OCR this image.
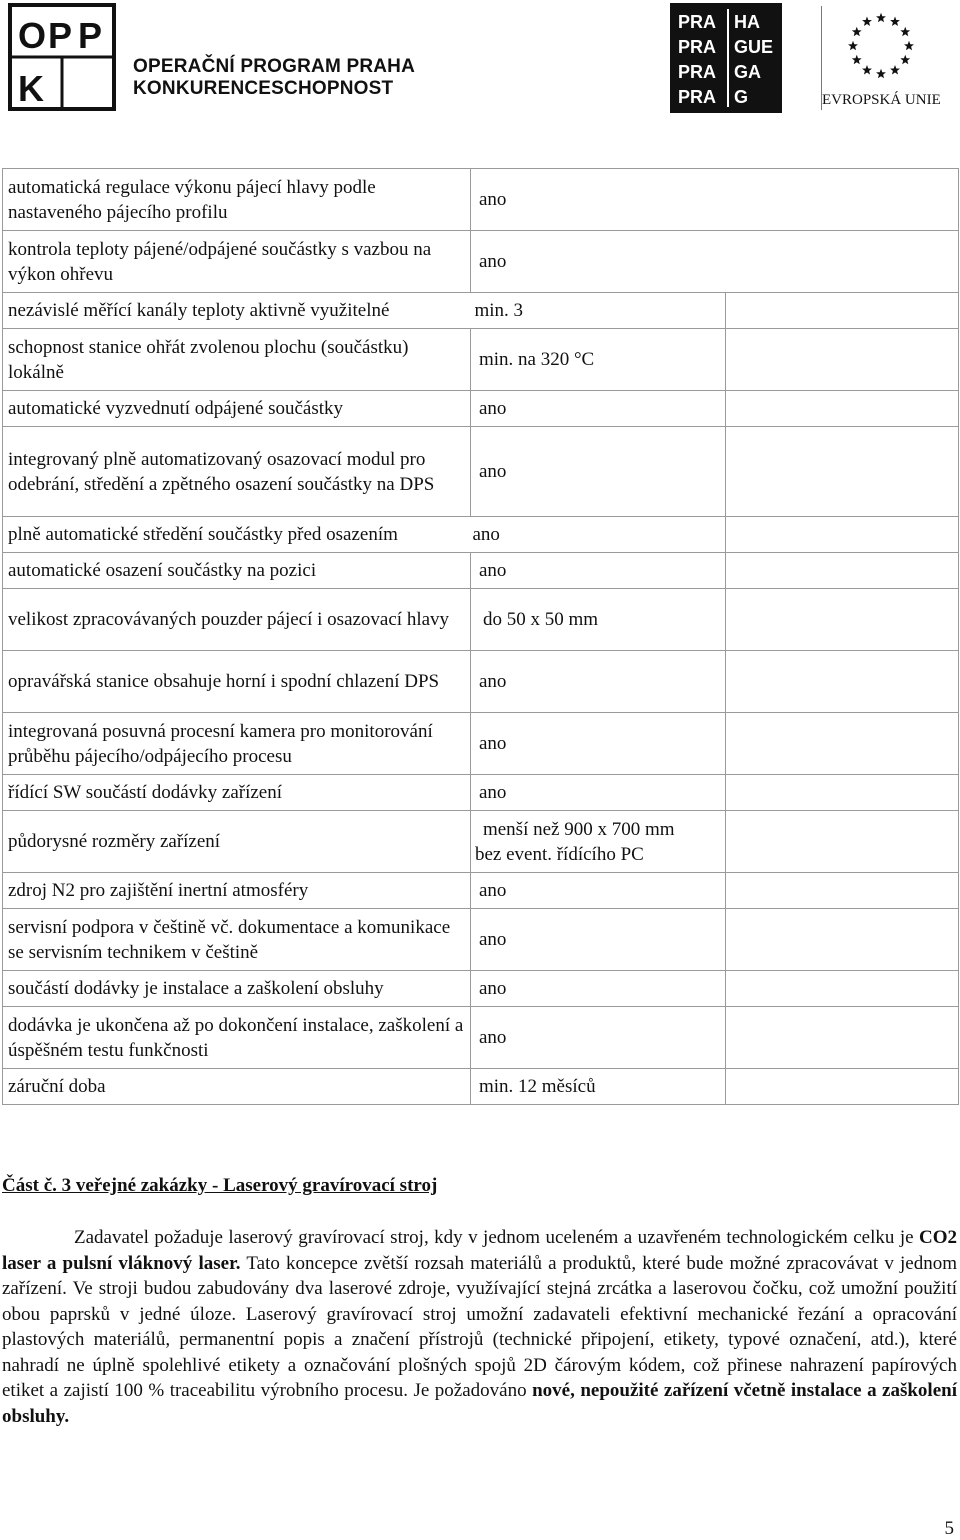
O P P
K
OPERAČNÍ PROGRAM PRAHA
KONKURENCESCHOPNOST
PRA
PRA
PRA
PRA
HA
GUE
GA
G	EVROPSKÁ UNIE
automatická regulace výkonu pájecí hlavy podle nastaveného pájecího profilu	ano	
kontrola teploty pájené/odpájené součástky s vazbou na výkon ohřevu	ano	
nezávislé měřící kanály teploty aktivně využitelné	min. 3	
schopnost stanice ohřát zvolenou plochu (součástku) lokálně	min. na 320 °C	
automatické vyzvednutí odpájené součástky	ano	
integrovaný plně automatizovaný osazovací modul pro odebrání, středění a zpětného osazení součástky na DPS	ano	
plně automatické středění součástky před osazením	ano	
automatické osazení součástky na pozici	ano	
velikost zpracovávaných pouzder pájecí i osazovací hlavy	do 50 x 50 mm	
opravářská stanice obsahuje horní i spodní chlazení DPS	ano	
integrovaná posuvná procesní kamera pro monitorování průběhu pájecího/odpájecího procesu	ano	
řídící SW součástí dodávky zařízení	ano	
půdorysné rozměry zařízení	menší než 900 x 700 mm
bez event. řídícího PC	

zdroj N2 pro zajištění inertní atmosféry	ano	
servisní podpora v češtině vč. dokumentace a komunikace se servisním technikem v češtině	ano	
součástí dodávky je instalace a zaškolení obsluhy	ano	
dodávka je ukončena až po dokončení instalace, zaškolení a úspěšném testu funkčnosti	ano	
záruční doba	min. 12 měsíců	
Část č. 3 veřejné zakázky - Laserový gravírovací stroj
Zadavatel požaduje laserový gravírovací stroj, kdy v jednom uceleném a uzavřeném technologickém celku je CO2 laser a pulsní vláknový laser. Tato koncepce zvětší rozsah materiálů a produktů, které bude možné zpracovávat v jednom zařízení. Ve stroji budou zabudovány dva laserové zdroje, využívající stejná zrcátka a laserovou čočku, což umožní použití obou paprsků v jedné úloze. Laserový gravírovací stroj umožní zadavateli efektivní mechanické řezání a opracování plastových materiálů, permanentní popis a značení přístrojů (technické připojení, etikety, typové označení, atd.), které nahradí ne úplně spolehlivé etikety a označování plošných spojů 2D čárovým kódem, což přinese nahrazení papírových etiket a zajistí 100 % traceabilitu výrobního procesu. Je požadováno nové, nepoužité zařízení včetně instalace a zaškolení obsluhy.
5
